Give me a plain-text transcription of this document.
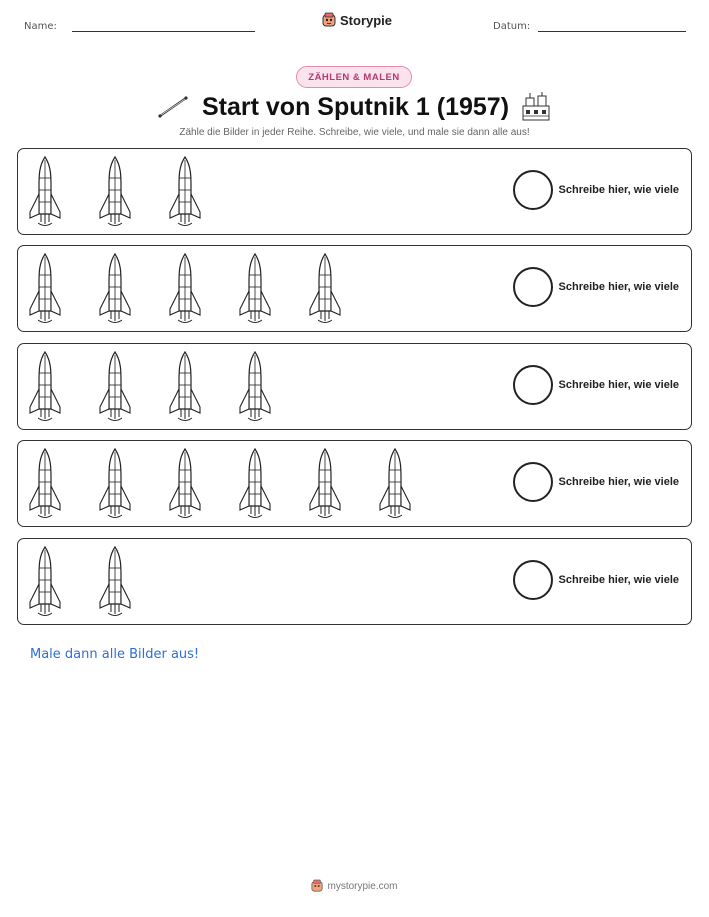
Name:	Storypie	Datum:
ZÄHLEN & MALEN
Start von Sputnik 1 (1957)
Zähle die Bilder in jeder Reihe. Schreibe, wie viele, und male sie dann alle aus!
Schreibe hier, wie viele
Schreibe hier, wie viele
Schreibe hier, wie viele
Schreibe hier, wie viele
Schreibe hier, wie viele
Male dann alle Bilder aus!
mystorypie.com
